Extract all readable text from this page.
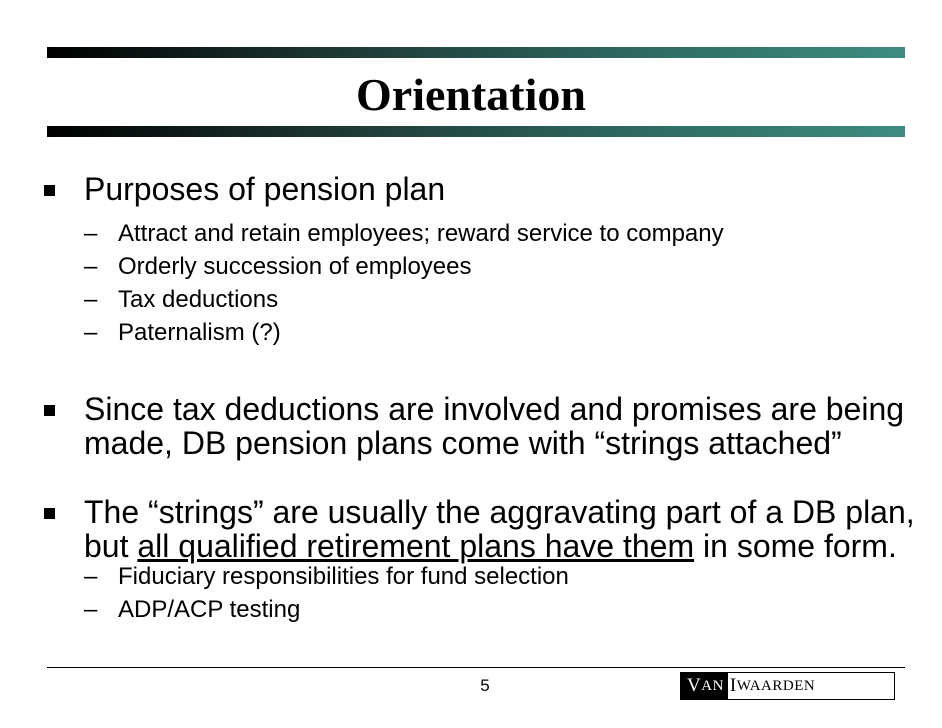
Orientation
Purposes of pension plan
– Attract and retain employees; reward service to company
– Orderly succession of employees
– Tax deductions
– Paternalism (?)
Since tax deductions are involved and promises are being
made, DB pension plans come with “strings attached”
The “strings” are usually the aggravating part of a DB plan,
but all qualified retirement plans have them in some form.
– Fiduciary responsibilities for fund selection
– ADP/ACP testing
5	V AN I WAARDEN
